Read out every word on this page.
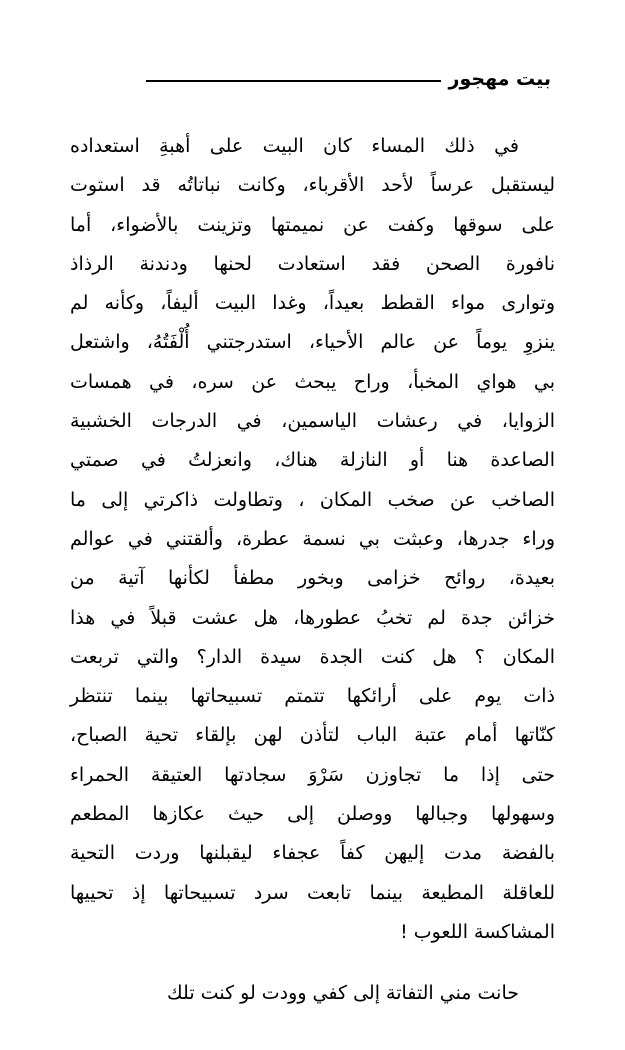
بيت مهجور
في ذلك المساء كان البيت على أهبةِ استعداده
ليستقبل عرساً لأحد الأقرباء، وكانت نباتاتُه قد استوت
على سوقها وكفت عن نميمتها وتزينت بالأضواء، أما
نافورة الصحن فقد استعادت لحنها ودندنة الرذاذ
وتوارى مواء القطط بعيداً، وغدا البيت أليفاً، وكأنه لم
ينزوِ يوماً عن عالم الأحياء، استدرجتني أُلْفَتُهُ، واشتعل
بي هواي المخبأ، وراح يبحث عن سره، في همسات
الزوايا، في رعشات الياسمين، في الدرجات الخشبية
الصاعدة هنا أو النازلة هناك، وانعزلتُ في صمتي
الصاخب عن صخب المكان ، وتطاولت ذاكرتي إلى ما
وراء جدرها، وعبثت بي نسمة عطرة، وألقتني في عوالم
بعيدة، روائح خزامى وبخور مطفأ لكأنها آتية من
خزائن جدة لم تخبُ عطورها، هل عشت قبلاً في هذا
المكان ؟ هل كنت الجدة سيدة الدار؟ والتي تربعت
ذات يوم على أرائكها تتمتم تسبيحاتها بينما تنتظر
كنّاتها أمام عتبة الباب لتأذن لهن بإلقاء تحية الصباح،
حتى إذا ما تجاوزن سَرْوَ سجادتها العتيقة الحمراء
وسهولها وجبالها ووصلن إلى حيث عكازها المطعم
بالفضة مدت إليهن كفاً عجفاء ليقبلنها وردت التحية
للعاقلة المطيعة بينما تابعت سرد تسبيحاتها إذ تحييها
المشاكسة اللعوب !
حانت مني التفاتة إلى كفي وودت لو كنت تلك
